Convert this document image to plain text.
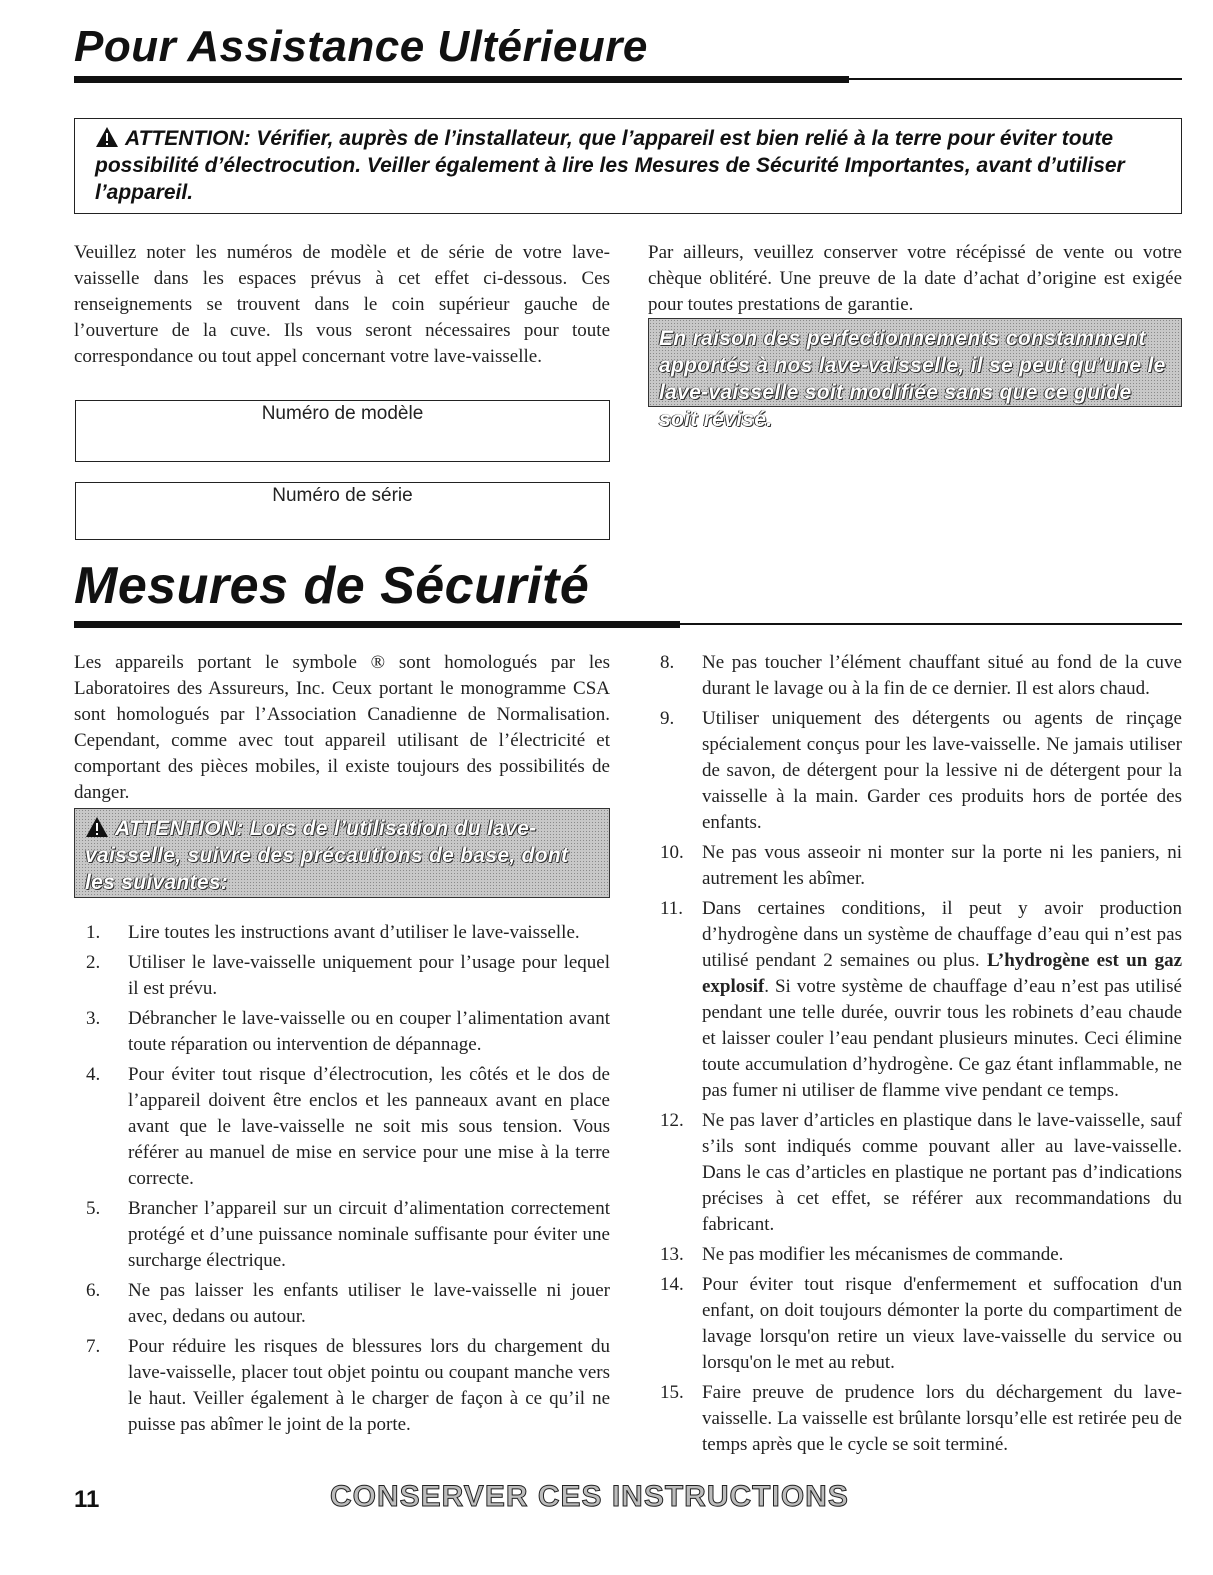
Pour Assistance Ultérieure
ATTENTION: Vérifier, auprès de l’installateur, que l’appareil est bien relié à la terre pour éviter toute possibilité d’électrocution. Veiller également à lire les Mesures de Sécurité Importantes, avant d’utiliser l’appareil.
Veuillez noter les numéros de modèle et de série de votre lave-vaisselle dans les espaces prévus à cet effet ci-dessous. Ces renseignements se trouvent dans le coin supérieur gauche de l’ouverture de la cuve. Ils vous seront nécessaires pour toute correspondance ou tout appel concernant votre lave-vaisselle.
Par ailleurs, veuillez conserver votre récépissé de vente ou votre chèque oblitéré. Une preuve de la date d’achat d’origine est exigée pour toutes prestations de garantie.
En raison des perfectionnements constamment apportés à nos lave-vaisselle, il se peut qu’une le lave-vaisselle soit modifiée sans que ce guide soit révisé.
Numéro de modèle
Numéro de série
Mesures de Sécurité
Les appareils portant le symbole ® sont homologués par les Laboratoires des Assureurs, Inc. Ceux portant le monogramme CSA sont homologués par l’Association Canadienne de Normalisation. Cependant, comme avec tout appareil utilisant de l’électricité et comportant des pièces mobiles, il existe toujours des possibilités de danger.
ATTENTION: Lors de l’utilisation du lave-vaisselle, suivre des précautions de base, dont les suivantes:
1. Lire toutes les instructions avant d’utiliser le lave-vaisselle.
2. Utiliser le lave-vaisselle uniquement pour l’usage pour lequel il est prévu.
3. Débrancher le lave-vaisselle ou en couper l’alimentation avant toute réparation ou intervention de dépannage.
4. Pour éviter tout risque d’électrocution, les côtés et le dos de l’appareil doivent être enclos et les panneaux avant en place avant que le lave-vaisselle ne soit mis sous tension. Vous référer au manuel de mise en service pour une mise à la terre correcte.
5. Brancher l’appareil sur un circuit d’alimentation correctement protégé et d’une puissance nominale suffisante pour éviter une surcharge électrique.
6. Ne pas laisser les enfants utiliser le lave-vaisselle ni jouer avec, dedans ou autour.
7. Pour réduire les risques de blessures lors du chargement du lave-vaisselle, placer tout objet pointu ou coupant manche vers le haut. Veiller également à le charger de façon à ce qu’il ne puisse pas abîmer le joint de la porte.
8. Ne pas toucher l’élément chauffant situé au fond de la cuve durant le lavage ou à la fin de ce dernier. Il est alors chaud.
9. Utiliser uniquement des détergents ou agents de rinçage spécialement conçus pour les lave-vaisselle. Ne jamais utiliser de savon, de détergent pour la lessive ni de détergent pour la vaisselle à la main. Garder ces produits hors de portée des enfants.
10. Ne pas vous asseoir ni monter sur la porte ni les paniers, ni autrement les abîmer.
11. Dans certaines conditions, il peut y avoir production d’hydrogène dans un système de chauffage d’eau qui n’est pas utilisé pendant 2 semaines ou plus. L’hydrogène est un gaz explosif. Si votre système de chauffage d’eau n’est pas utilisé pendant une telle durée, ouvrir tous les robinets d’eau chaude et laisser couler l’eau pendant plusieurs minutes. Ceci élimine toute accumulation d’hydrogène. Ce gaz étant inflammable, ne pas fumer ni utiliser de flamme vive pendant ce temps.
12. Ne pas laver d’articles en plastique dans le lave-vaisselle, sauf s’ils sont indiqués comme pouvant aller au lave-vaisselle. Dans le cas d’articles en plastique ne portant pas d’indications précises à cet effet, se référer aux recommandations du fabricant.
13. Ne pas modifier les mécanismes de commande.
14. Pour éviter tout risque d'enfermement et suffocation d'un enfant, on doit toujours démonter la porte du compartiment de lavage lorsqu'on retire un vieux lave-vaisselle du service ou lorsqu'on le met au rebut.
15. Faire preuve de prudence lors du déchargement du lave-vaisselle. La vaisselle est brûlante lorsqu’elle est retirée peu de temps après que le cycle se soit terminé.
11	CONSERVER CES INSTRUCTIONS
